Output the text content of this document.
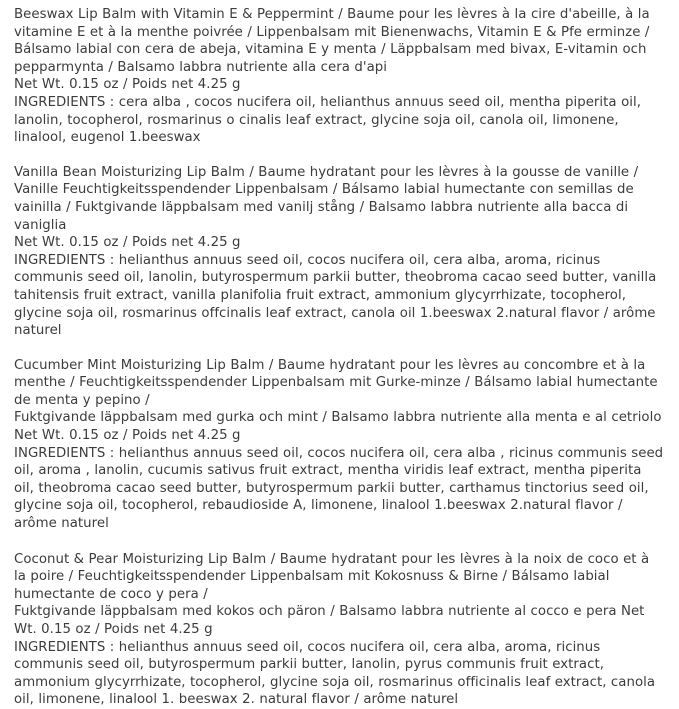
Beeswax Lip Balm with Vitamin E & Peppermint / Baume pour les lèvres à la cire d'abeille, à la vitamine E et à la menthe poivrée / Lippenbalsam mit Bienenwachs, Vitamin E & Pfe erminze / Bálsamo labial con cera de abeja, vitamina E y menta / Läppbalsam med bivax, E-vitamin och pepparmynta / Balsamo labbra nutriente alla cera d'api

Net Wt. 0.15 oz / Poids net 4.25 g

INGREDIENTS : cera alba , cocos nucifera oil, helianthus annuus seed oil, mentha piperita oil, lanolin, tocopherol, rosmarinus o cinalis leaf extract, glycine soja oil, canola oil, limonene, linalool, eugenol 1.beeswax

Vanilla Bean Moisturizing Lip Balm / Baume hydratant pour les lèvres à la gousse de vanille / Vanille Feuchtigkeitsspendender Lippenbalsam / Bálsamo labial humectante con semillas de vainilla / Fuktgivande läppbalsam med vanilj stång / Balsamo labbra nutriente alla bacca di vaniglia

Net Wt. 0.15 oz / Poids net 4.25 g

INGREDIENTS : helianthus annuus seed oil, cocos nucifera oil, cera alba, aroma, ricinus communis seed oil, lanolin, butyrospermum parkii butter, theobroma cacao seed butter, vanilla tahitensis fruit extract, vanilla planifolia fruit extract, ammonium glycyrrhizate, tocopherol, glycine soja oil, rosmarinus offcinalis leaf extract, canola oil 1.beeswax 2.natural flavor / arôme naturel

Cucumber Mint Moisturizing Lip Balm / Baume hydratant pour les lèvres au concombre et à la menthe / Feuchtigkeitsspendender Lippenbalsam mit Gurke-minze / Bálsamo labial humectante de menta y pepino /

Fuktgivande läppbalsam med gurka och mint / Balsamo labbra nutriente alla menta e al cetriolo Net Wt. 0.15 oz / Poids net 4.25 g

INGREDIENTS : helianthus annuus seed oil, cocos nucifera oil, cera alba , ricinus communis seed oil, aroma , lanolin, cucumis sativus fruit extract, mentha viridis leaf extract, mentha piperita oil, theobroma cacao seed butter, butyrospermum parkii butter, carthamus tinctorius seed oil, glycine soja oil, tocopherol, rebaudioside A, limonene, linalool 1.beeswax 2.natural flavor / arôme naturel

Coconut & Pear Moisturizing Lip Balm / Baume hydratant pour les lèvres à la noix de coco et à la poire / Feuchtigkeitsspendender Lippenbalsam mit Kokosnuss & Birne / Bálsamo labial humectante de coco y pera /

Fuktgivande läppbalsam med kokos och päron / Balsamo labbra nutriente al cocco e pera Net Wt. 0.15 oz / Poids net 4.25 g

INGREDIENTS : helianthus annuus seed oil, cocos nucifera oil, cera alba, aroma, ricinus communis seed oil, butyrospermum parkii butter, lanolin, pyrus communis fruit extract, ammonium glycyrrhizate, tocopherol, glycine soja oil, rosmarinus officinalis leaf extract, canola oil, limonene, linalool 1. beeswax 2. natural flavor / arôme naturel
